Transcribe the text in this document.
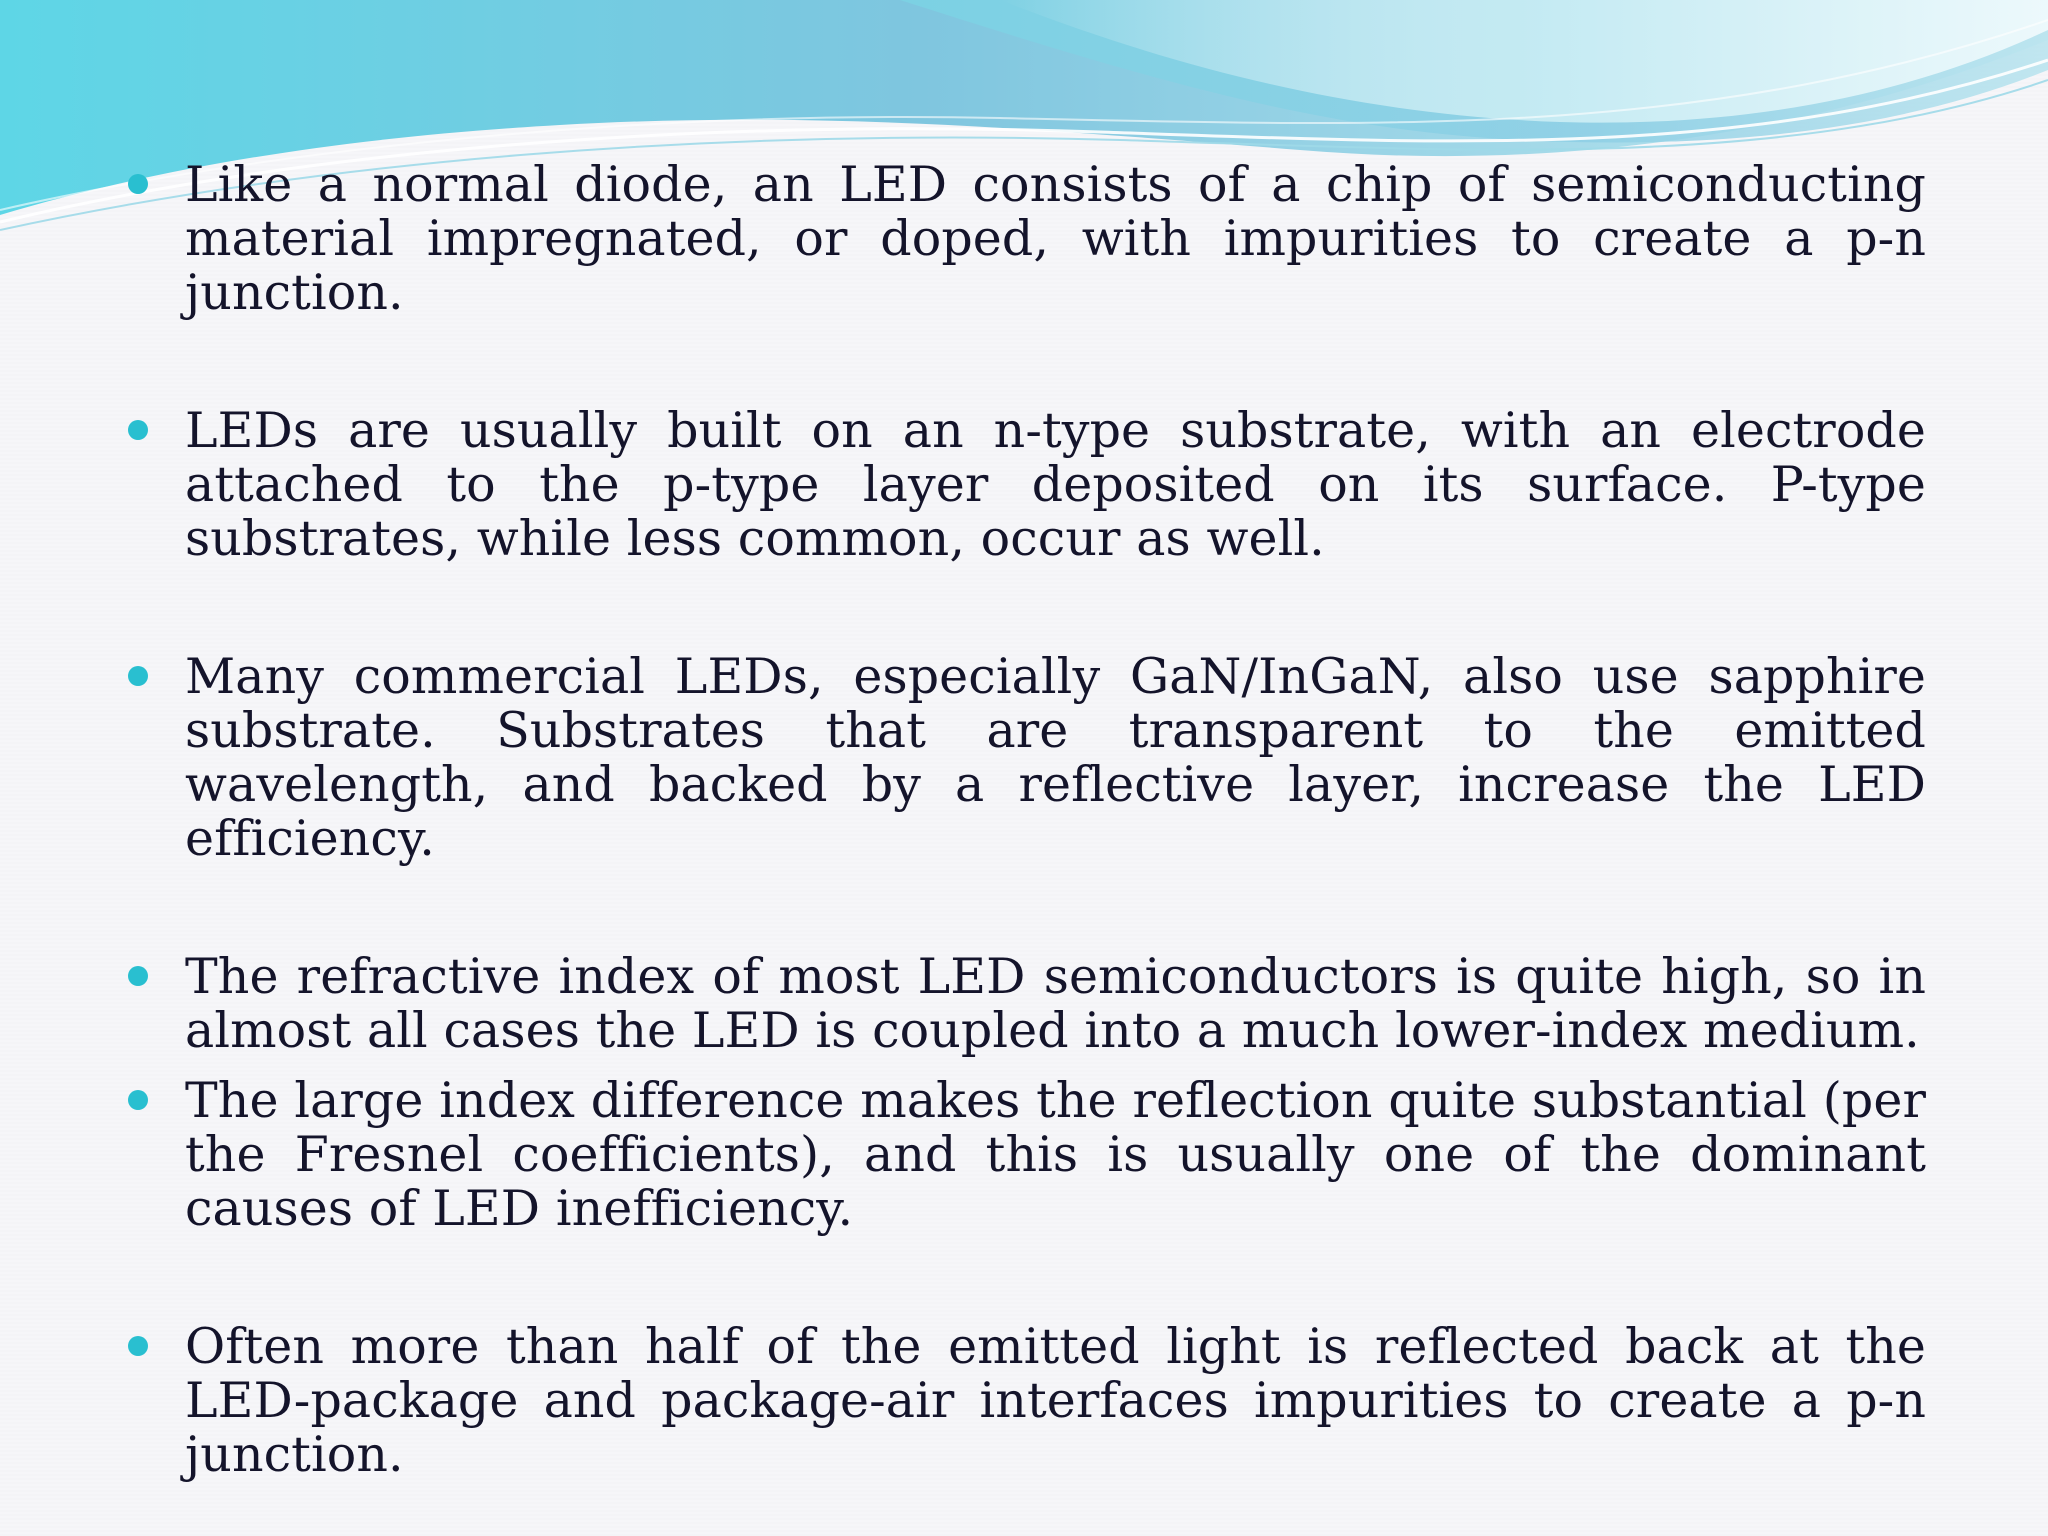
Like a normal diode, an LED consists of a chip of semiconducting material impregnated, or doped, with impurities to create a p-n junction.
LEDs are usually built on an n-type substrate, with an electrode attached to the p-type layer deposited on its surface. P-type substrates, while less common, occur as well.
Many commercial LEDs, especially GaN/InGaN, also use sapphire substrate. Substrates that are transparent to the emitted wavelength, and backed by a reflective layer, increase the LED efficiency.
The refractive index of most LED semiconductors is quite high, so in almost all cases the LED is coupled into a much lower-index medium.
The large index difference makes the reflection quite substantial (per the Fresnel coefficients), and this is usually one of the dominant causes of LED inefficiency.
Often more than half of the emitted light is reflected back at the LED-package and package-air interfaces impurities to create a p-n junction.
